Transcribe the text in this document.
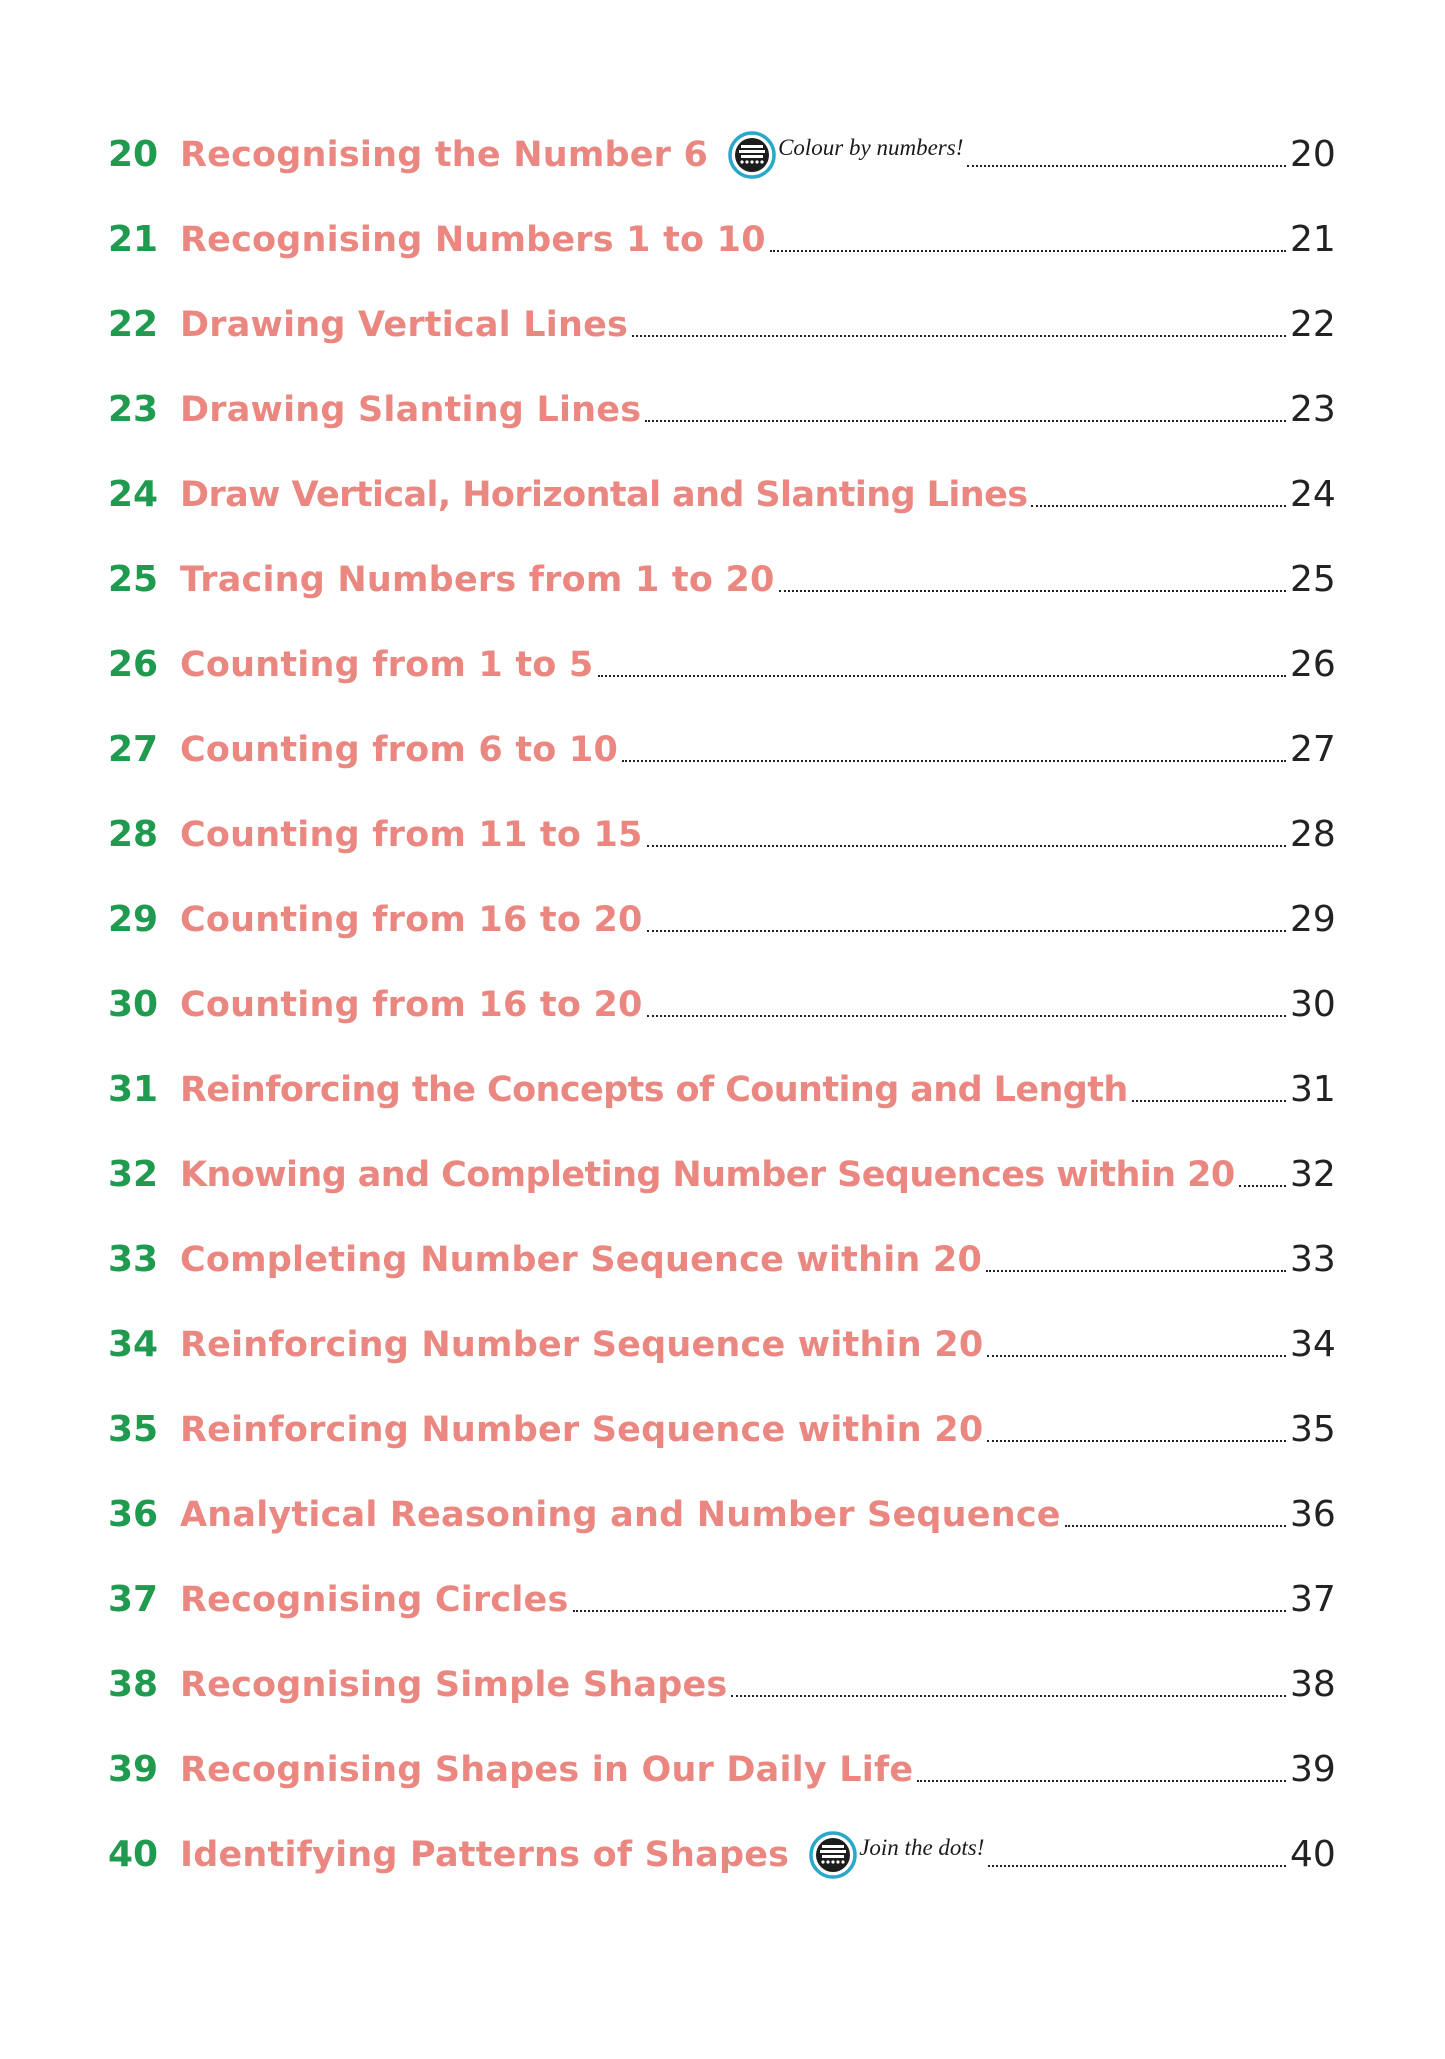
20 Recognising the Number 6	Colour by numbers!	20
21 Recognising Numbers 1 to 10	21
22 Drawing Vertical Lines	22
23 Drawing Slanting Lines	23
24 Draw Vertical, Horizontal and Slanting Lines	24
25 Tracing Numbers from 1 to 20	25
26 Counting from 1 to 5	26
27 Counting from 6 to 10	27
28 Counting from 11 to 15	28
29 Counting from 16 to 20	29
30 Counting from 16 to 20	30
31 Reinforcing the Concepts of Counting and Length	31
32 Knowing and Completing Number Sequences within 20 32
33 Completing Number Sequence within 20	33
34 Reinforcing Number Sequence within 20	34
35 Reinforcing Number Sequence within 20	35
36 Analytical Reasoning and Number Sequence	36
37 Recognising Circles	37
38 Recognising Simple Shapes	38
39 Recognising Shapes in Our Daily Life	39
40 Identifying Patterns of Shapes	Join the dots!	40
